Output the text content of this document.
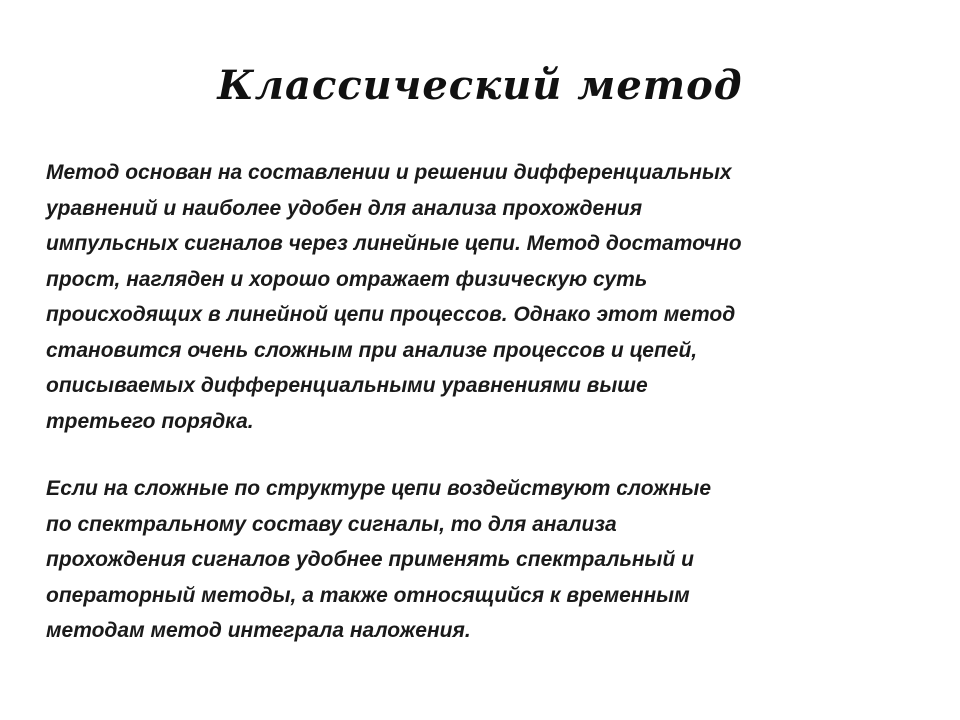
Классический метод

Метод основан на составлении и решении дифференциальных
уравнений и наиболее удобен для анализа прохождения
импульсных сигналов через линейные цепи. Метод достаточно
прост, нагляден и хорошо отражает физическую суть
происходящих в линейной цепи процессов. Однако этот метод
становится очень сложным при анализе процессов и цепей,
описываемых дифференциальными уравнениями выше
третьего порядка.

Если на сложные по структуре цепи воздействуют сложные
по спектральному составу сигналы, то для анализа
прохождения сигналов удобнее применять спектральный и
операторный методы, а также относящийся к временным
методам метод интеграла наложения.
